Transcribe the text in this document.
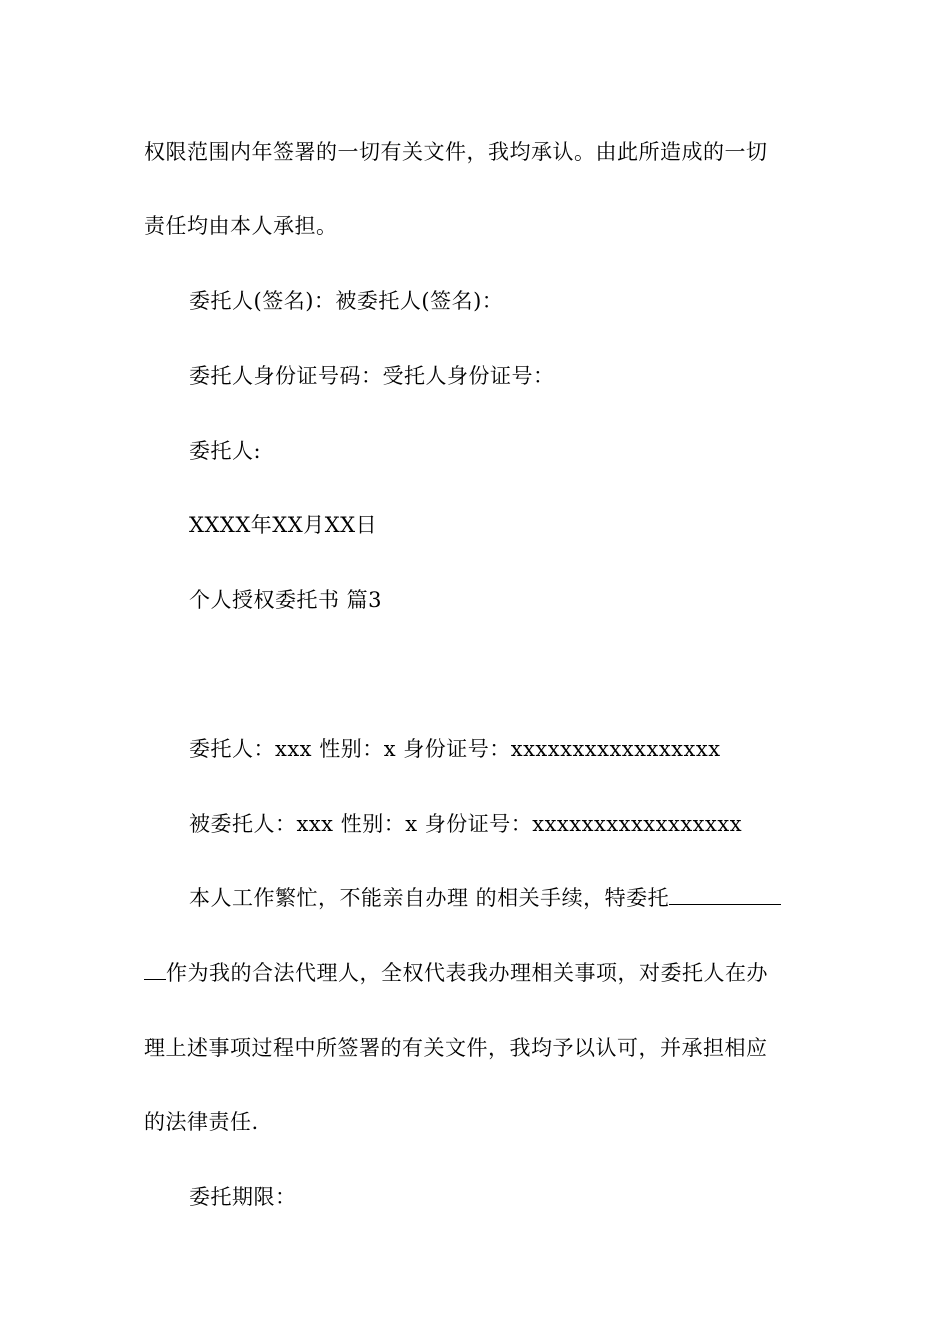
权限范围内年签署的一切有关文件，我均承认。由此所造成的一切
责任均由本人承担。
委托人(签名)：被委托人(签名)：
委托人身份证号码：受托人身份证号：
委托人:
XXXX年XX月XX日
个人授权委托书 篇3
委托人：xxx 性别：x 身份证号：xxxxxxxxxxxxxxxxx
被委托人：xxx 性别：x 身份证号：xxxxxxxxxxxxxxxxx
本人工作繁忙，不能亲自办理 的相关手续，特委托
作为我的合法代理人，全权代表我办理相关事项，对委托人在办
理上述事项过程中所签署的有关文件，我均予以认可，并承担相应
的法律责任.
委托期限：
